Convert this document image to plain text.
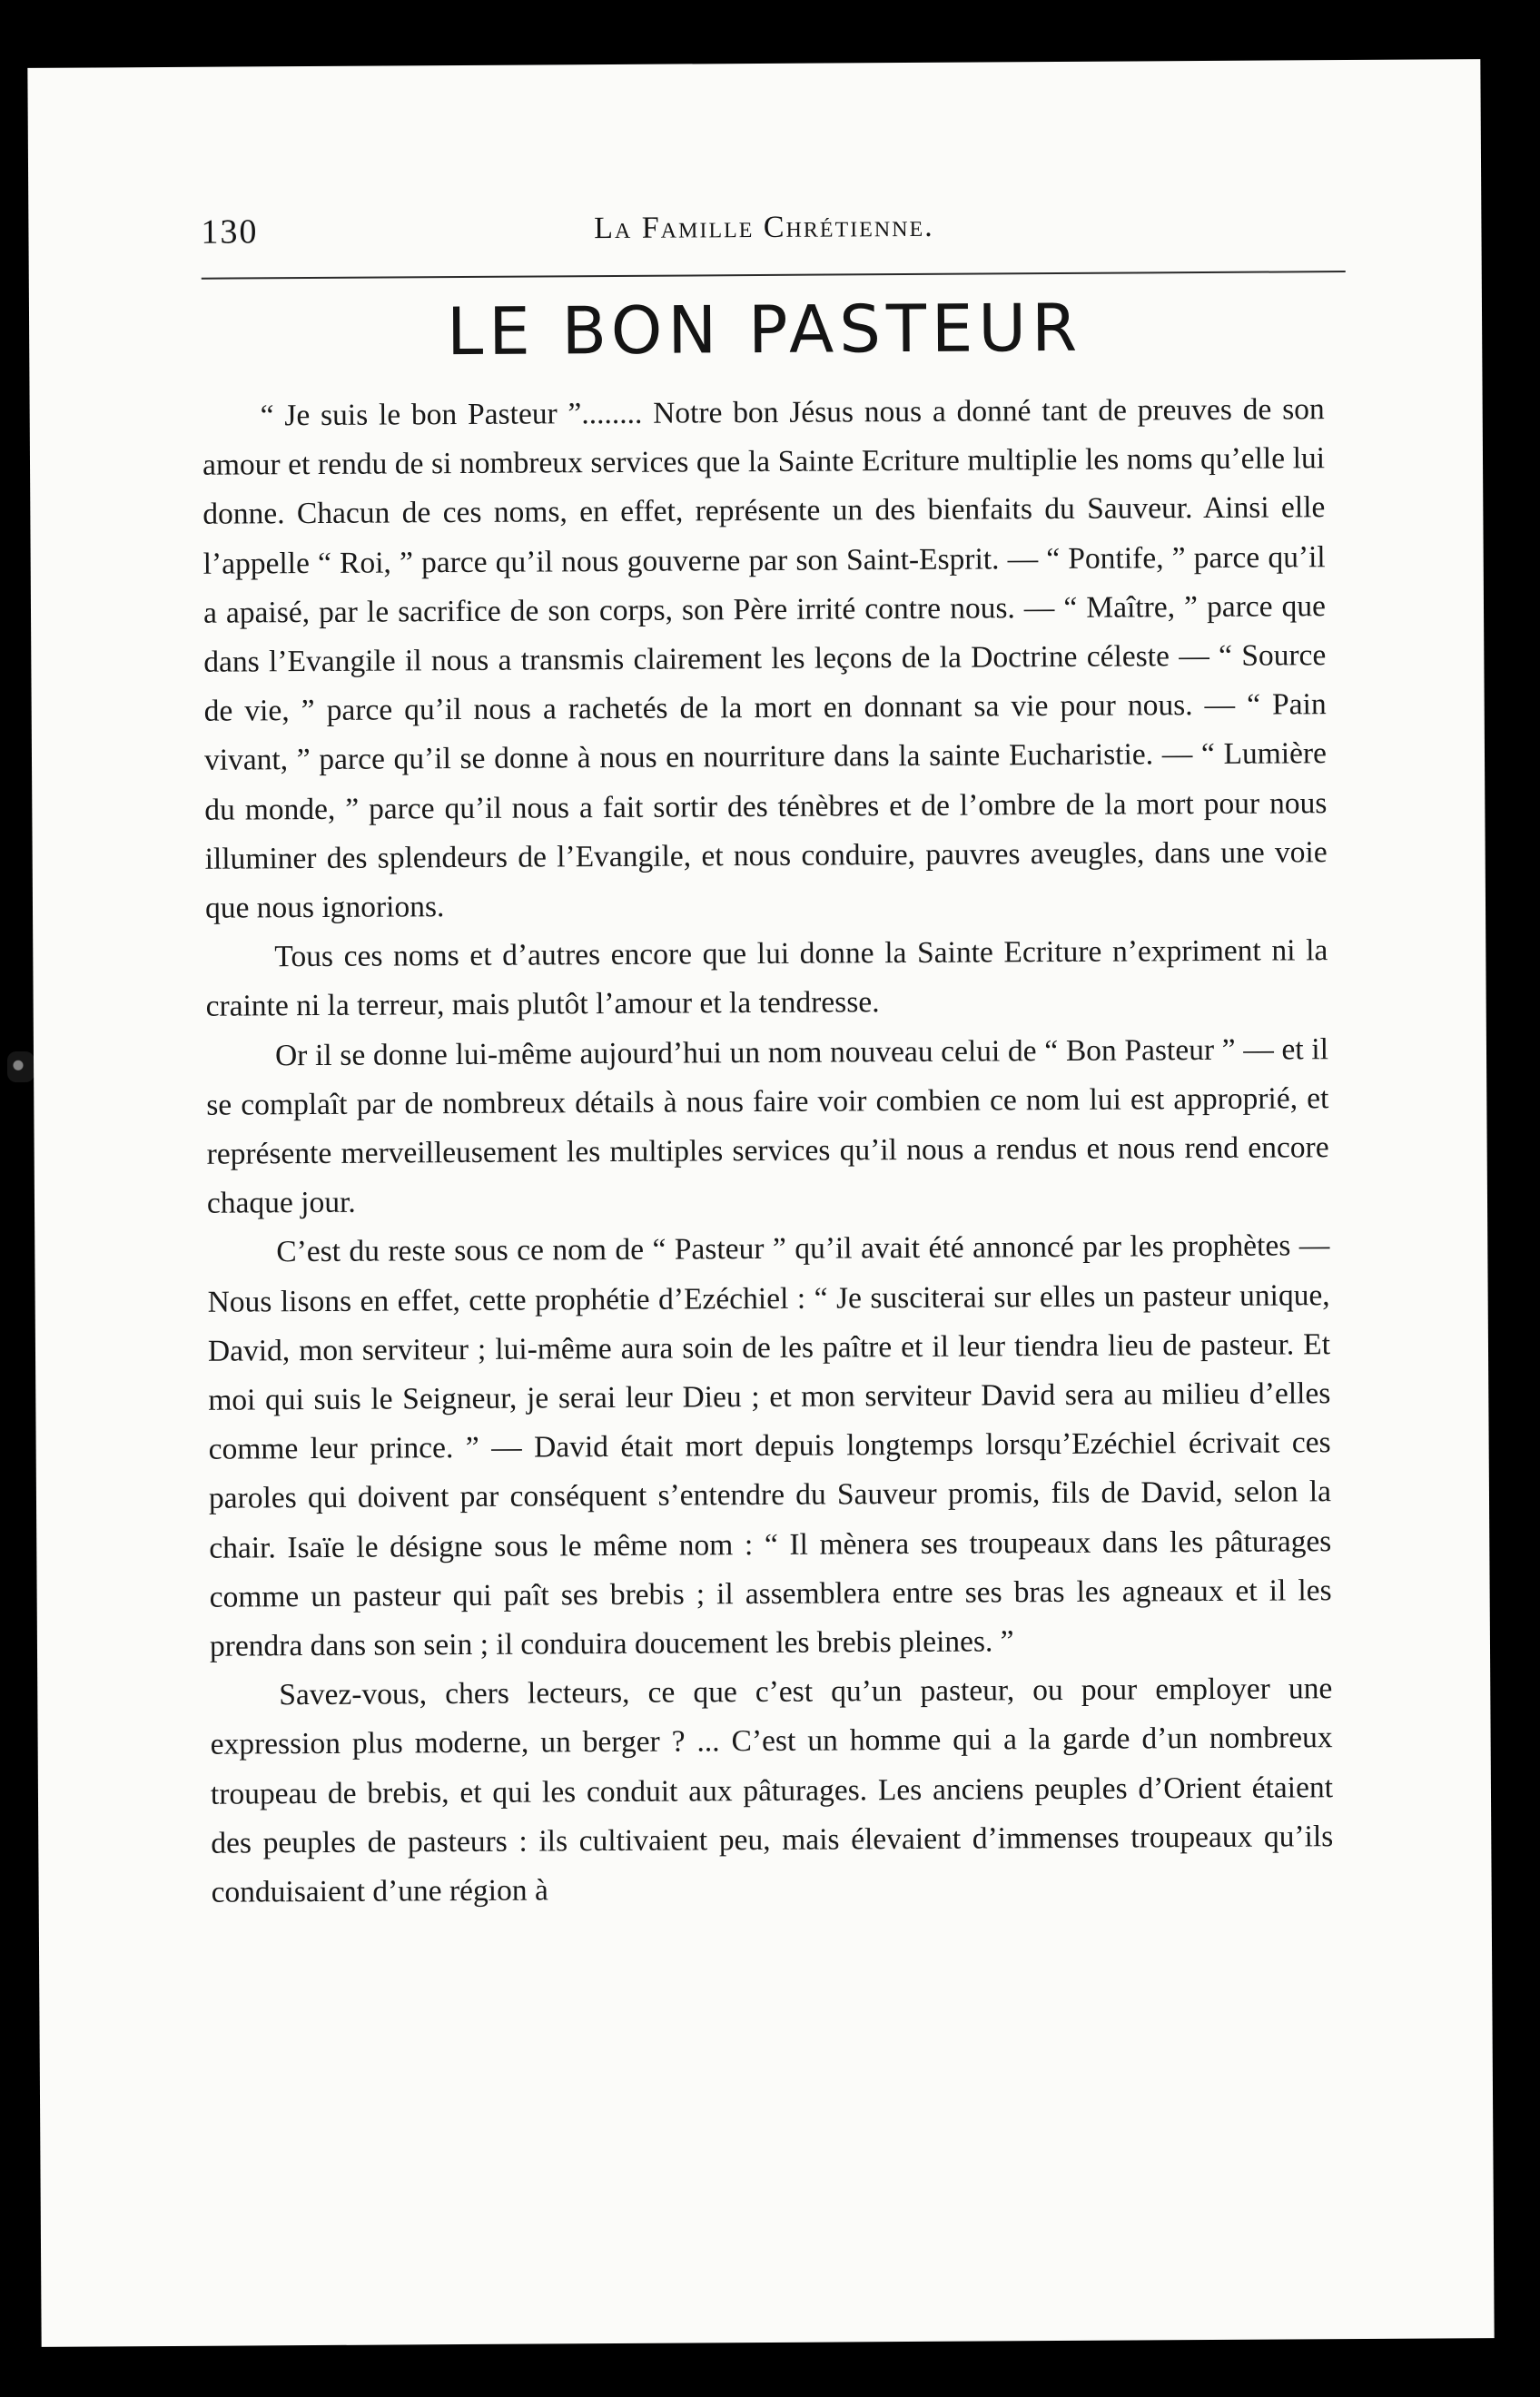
130	La Famille Chrétienne.
LE BON PASTEUR

“ Je suis le bon Pasteur ”........ Notre bon Jésus nous a donné tant de preuves de son amour et rendu de si nombreux services que la Sainte Ecriture multiplie les noms qu’elle lui donne. Chacun de ces noms, en effet, représente un des bienfaits du Sauveur. Ainsi elle l’appelle “ Roi, ” parce qu’il nous gouverne par son Saint-Esprit. — “ Pontife, ” parce qu’il a apaisé, par le sacrifice de son corps, son Père irrité contre nous. — “ Maître, ” parce que dans l’Evangile il nous a transmis clairement les leçons de la Doctrine céleste — “ Source de vie, ” parce qu’il nous a rachetés de la mort en donnant sa vie pour nous. — “ Pain vivant, ” parce qu’il se donne à nous en nourriture dans la sainte Eucharistie. — “ Lumière du monde, ” parce qu’il nous a fait sortir des ténèbres et de l’ombre de la mort pour nous illuminer des splendeurs de l’Evangile, et nous conduire, pauvres aveugles, dans une voie que nous ignorions.

Tous ces noms et d’autres encore que lui donne la Sainte Ecriture n’expriment ni la crainte ni la terreur, mais plutôt l’amour et la tendresse.

Or il se donne lui-même aujourd’hui un nom nouveau celui de “ Bon Pasteur ” — et il se complaît par de nombreux détails à nous faire voir combien ce nom lui est approprié, et représente merveilleusement les multiples services qu’il nous a rendus et nous rend encore chaque jour.

C’est du reste sous ce nom de “ Pasteur ” qu’il avait été annoncé par les prophètes — Nous lisons en effet, cette prophétie d’Ezéchiel : “ Je susciterai sur elles un pasteur unique, David, mon serviteur ; lui-même aura soin de les paître et il leur tiendra lieu de pasteur. Et moi qui suis le Seigneur, je serai leur Dieu ; et mon serviteur David sera au milieu d’elles comme leur prince. ” — David était mort depuis longtemps lorsqu’Ezéchiel écrivait ces paroles qui doivent par conséquent s’entendre du Sauveur promis, fils de David, selon la chair. Isaïe le désigne sous le même nom : “ Il mènera ses troupeaux dans les pâturages comme un pasteur qui paît ses brebis ; il assemblera entre ses bras les agneaux et il les prendra dans son sein ; il conduira doucement les brebis pleines. ”

Savez-vous, chers lecteurs, ce que c’est qu’un pasteur, ou pour employer une expression plus moderne, un berger ? ... C’est un homme qui a la garde d’un nombreux troupeau de brebis, et qui les conduit aux pâturages. Les anciens peuples d’Orient étaient des peuples de pasteurs : ils cultivaient peu, mais élevaient d’immenses troupeaux qu’ils conduisaient d’une région à
